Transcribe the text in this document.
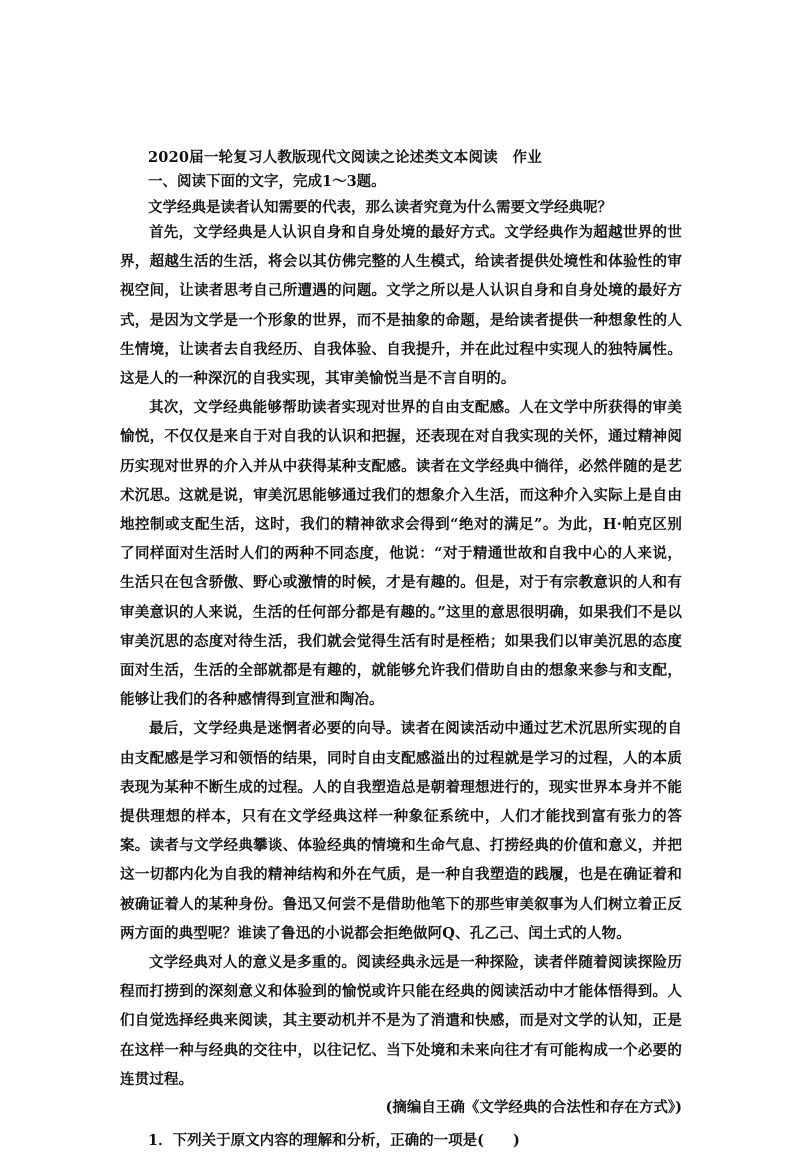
2020届一轮复习人教版现代文阅读之论述类文本阅读　作业
一、阅读下面的文字，完成1～3题。
文学经典是读者认知需要的代表，那么读者究竟为什么需要文学经典呢？

首先，文学经典是人认识自身和自身处境的最好方式。文学经典作为超越世界的世界，超越生活的生活，将会以其仿佛完整的人生模式，给读者提供处境性和体验性的审视空间，让读者思考自己所遭遇的问题。文学之所以是人认识自身和自身处境的最好方式，是因为文学是一个形象的世界，而不是抽象的命题，是给读者提供一种想象性的人生情境，让读者去自我经历、自我体验、自我提升，并在此过程中实现人的独特属性。这是人的一种深沉的自我实现，其审美愉悦当是不言自明的。

其次，文学经典能够帮助读者实现对世界的自由支配感。人在文学中所获得的审美愉悦，不仅仅是来自于对自我的认识和把握，还表现在对自我实现的关怀，通过精神阅历实现对世界的介入并从中获得某种支配感。读者在文学经典中徜徉，必然伴随的是艺术沉思。这就是说，审美沉思能够通过我们的想象介入生活，而这种介入实际上是自由地控制或支配生活，这时，我们的精神欲求会得到“绝对的满足”。为此，H·帕克区别了同样面对生活时人们的两种不同态度，他说：“对于精通世故和自我中心的人来说，生活只在包含骄傲、野心或激情的时候，才是有趣的。但是，对于有宗教意识的人和有审美意识的人来说，生活的任何部分都是有趣的。”这里的意思很明确，如果我们不是以审美沉思的态度对待生活，我们就会觉得生活有时是桎梏；如果我们以审美沉思的态度面对生活，生活的全部就都是有趣的，就能够允许我们借助自由的想象来参与和支配，能够让我们的各种感情得到宣泄和陶冶。

最后，文学经典是迷惘者必要的向导。读者在阅读活动中通过艺术沉思所实现的自由支配感是学习和领悟的结果，同时自由支配感溢出的过程就是学习的过程，人的本质表现为某种不断生成的过程。人的自我塑造总是朝着理想进行的，现实世界本身并不能提供理想的样本，只有在文学经典这样一种象征系统中，人们才能找到富有张力的答案。读者与文学经典攀谈、体验经典的情境和生命气息、打捞经典的价值和意义，并把这一切都内化为自我的精神结构和外在气质，是一种自我塑造的践履，也是在确证着和被确证着人的某种身份。鲁迅又何尝不是借助他笔下的那些审美叙事为人们树立着正反两方面的典型呢？谁读了鲁迅的小说都会拒绝做阿Q、孔乙己、闰土式的人物。

文学经典对人的意义是多重的。阅读经典永远是一种探险，读者伴随着阅读探险历程而打捞到的深刻意义和体验到的愉悦或许只能在经典的阅读活动中才能体悟得到。人们自觉选择经典来阅读，其主要动机并不是为了消遣和快感，而是对文学的认知，正是在这样一种与经典的交往中，以往记忆、当下处境和未来向往才有可能构成一个必要的连贯过程。

(摘编自王确《文学经典的合法性和存在方式》)
1．下列关于原文内容的理解和分析，正确的一项是(　　)
